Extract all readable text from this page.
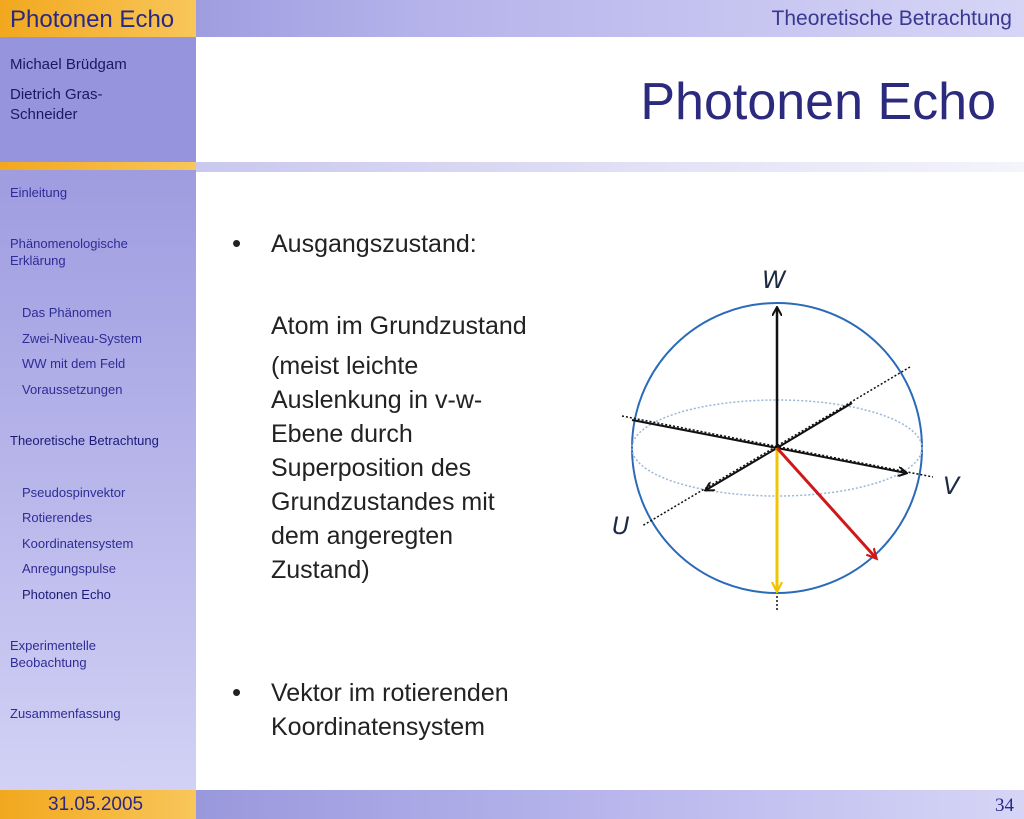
Photonen Echo	Theoretische Betrachtung
Michael Brüdgam
Dietrich Gras-
Schneider
Einleitung
Phänomenologische
Erklärung
Das Phänomen
Zwei-Niveau-System
WW mit dem Feld
Voraussetzungen
Theoretische Betrachtung
Pseudospinvektor
Rotierendes
Koordinatensystem
Anregungspulse
Photonen Echo
Experimentelle
Beobachtung
Zusammenfassung
Photonen Echo
• Ausgangszustand:
Atom im Grundzustand
(meist leichte
Auslenkung in v-w-
Ebene durch
Superposition des
Grundzustandes mit
dem angeregten
Zustand)
• Vektor im rotierenden
Koordinatensystem
W
V
U
31.05.2005	34
